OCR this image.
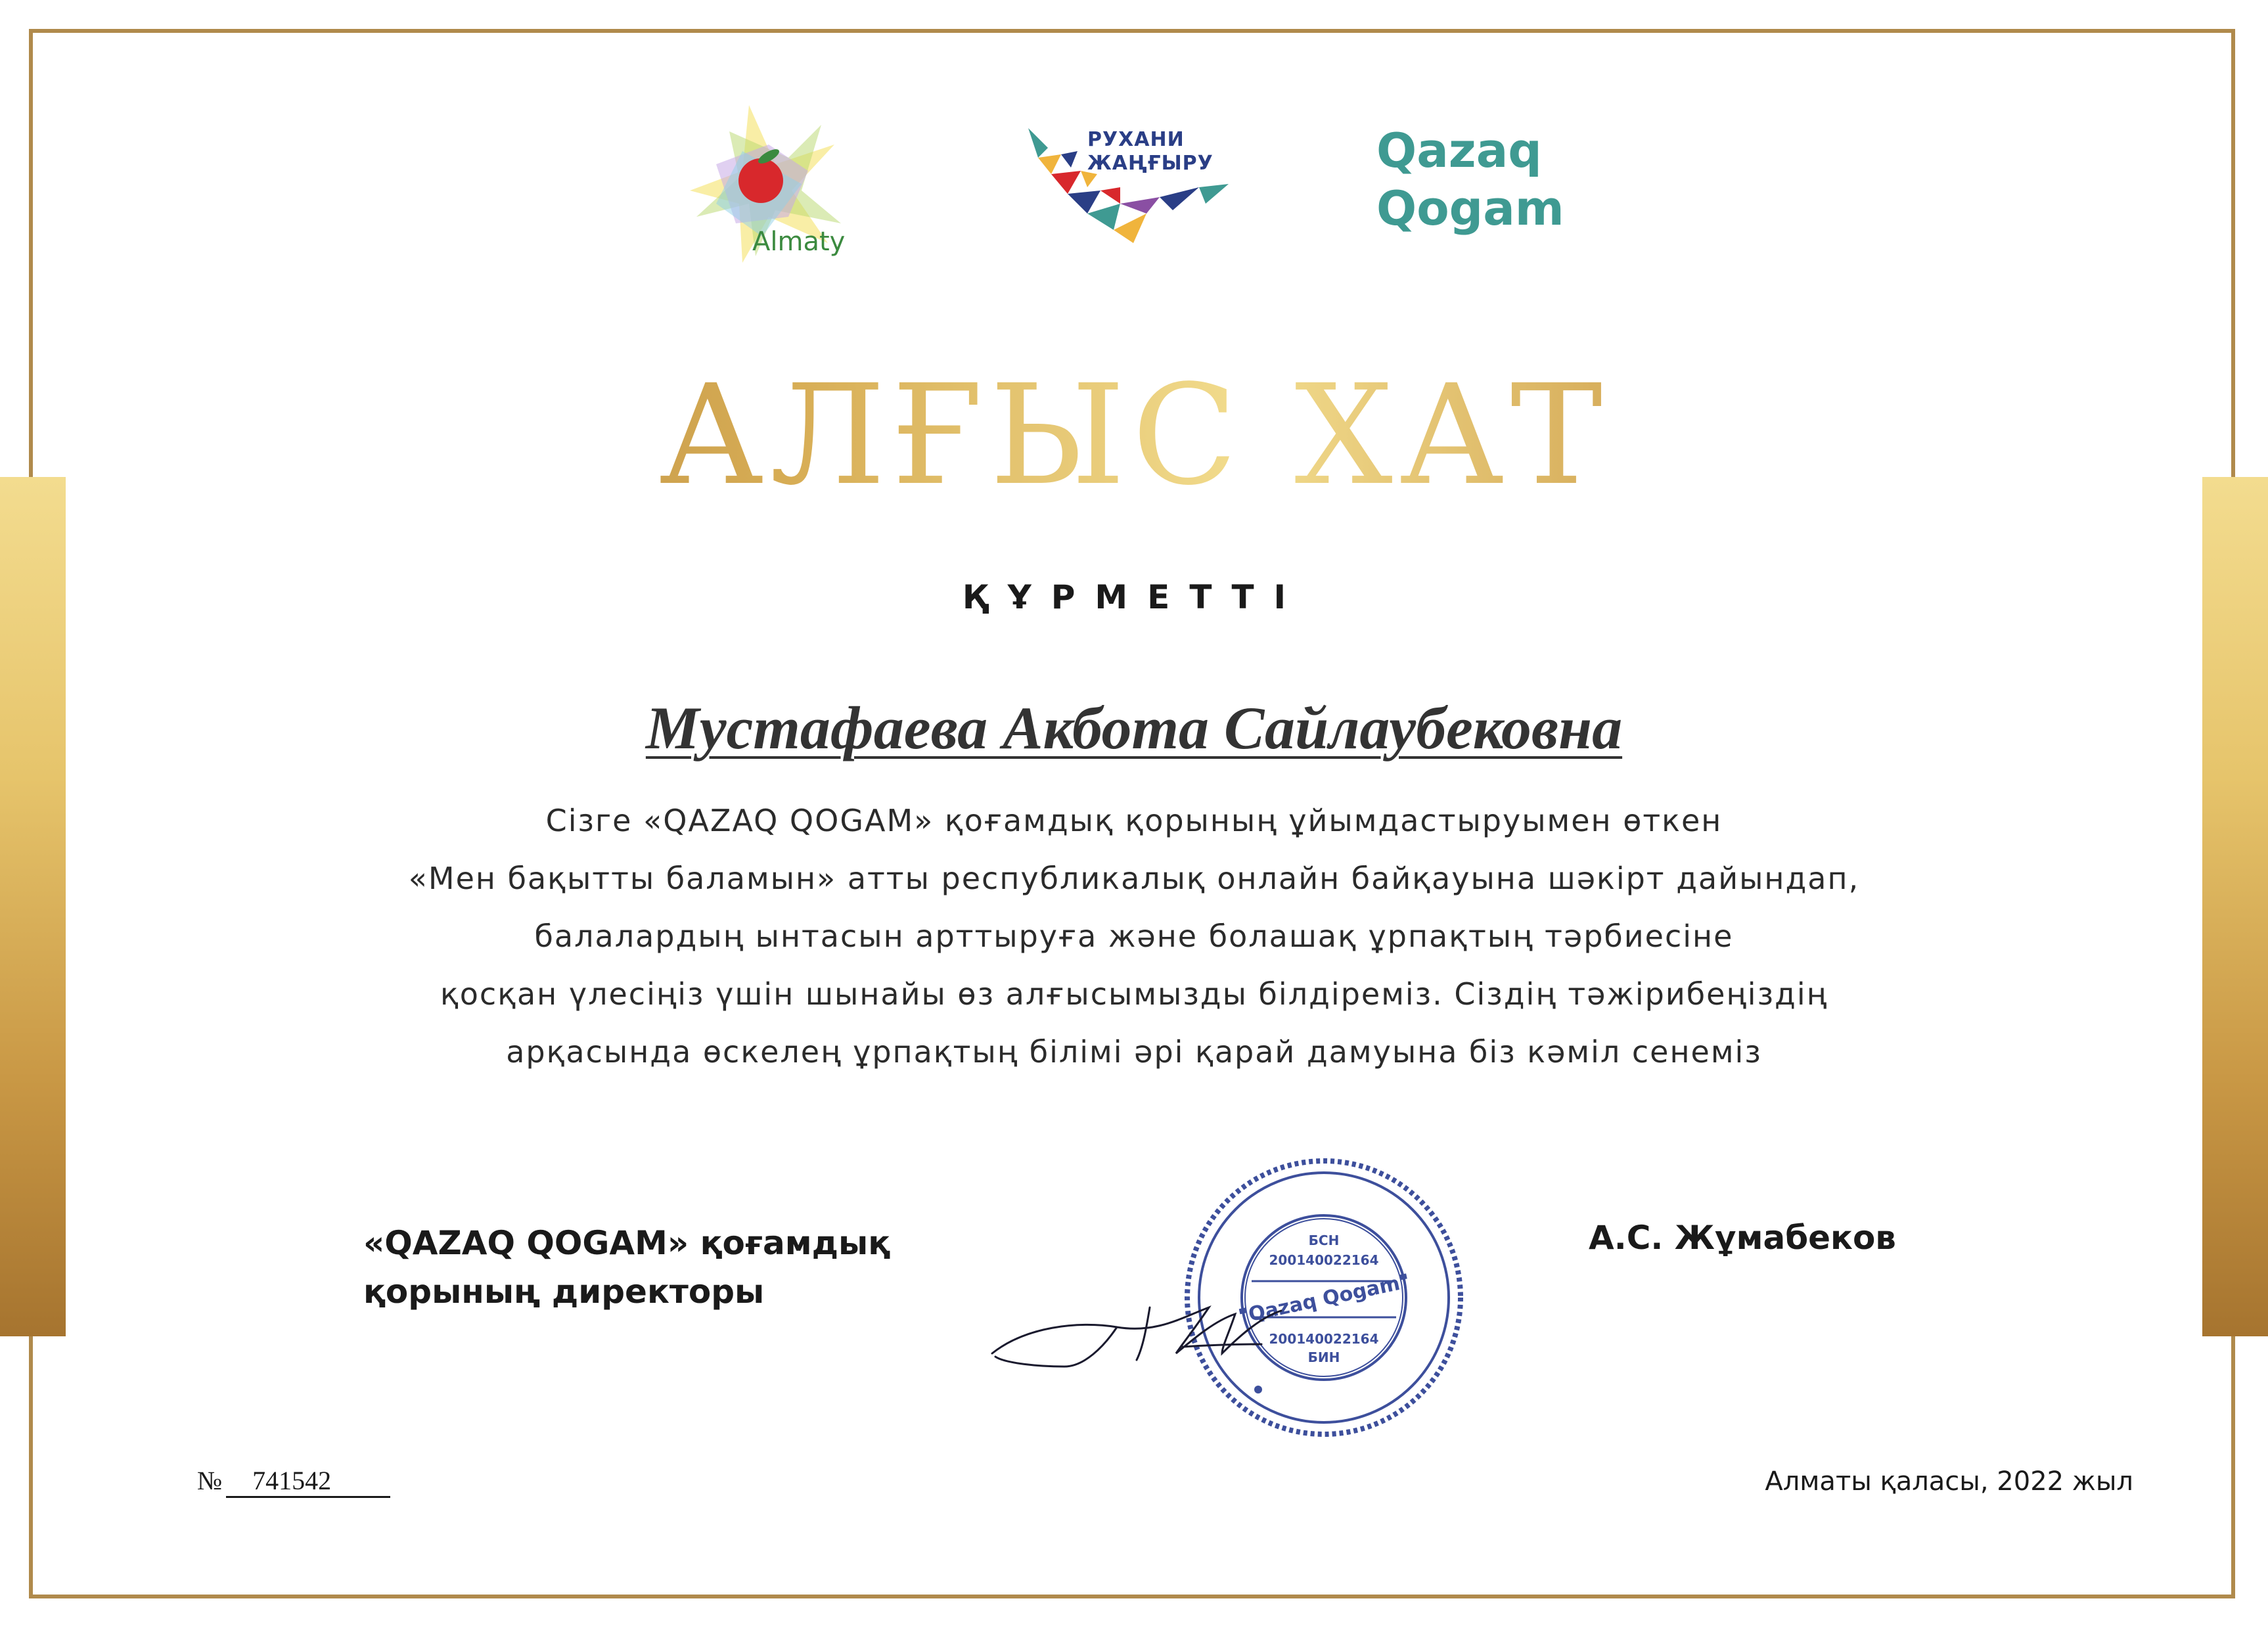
Almaty
РУХАНИ
ЖАҢҒЫРУ	Qazaq
Qogam
АЛҒЫС ХАТ
ҚҰРМЕТТІ
Мустафаева Акбота Сайлаубековна
Сізге «QAZAQ QOGAM» қоғамдық қорының ұйымдастыруымен өткен
«Мен бақытты баламын» атты республикалық онлайн байқауына шәкірт дайындап,
балалардың ынтасын арттыруға және болашақ ұрпақтың тәрбиесіне
қосқан үлесіңіз үшін шынайы өз алғысымызды білдіреміз. Сіздің тәжірибеңіздің
арқасында өскелең ұрпақтың білімі әрі қарай дамуына біз кәміл сенеміз
«QAZAQ QOGAM» қоғамдық
қорының директоры
А.С. Жұмабеков
БСН
200140022164
"Qazaq Qogam"
200140022164
БИН
№ 741542	Алматы қаласы, 2022 жыл
